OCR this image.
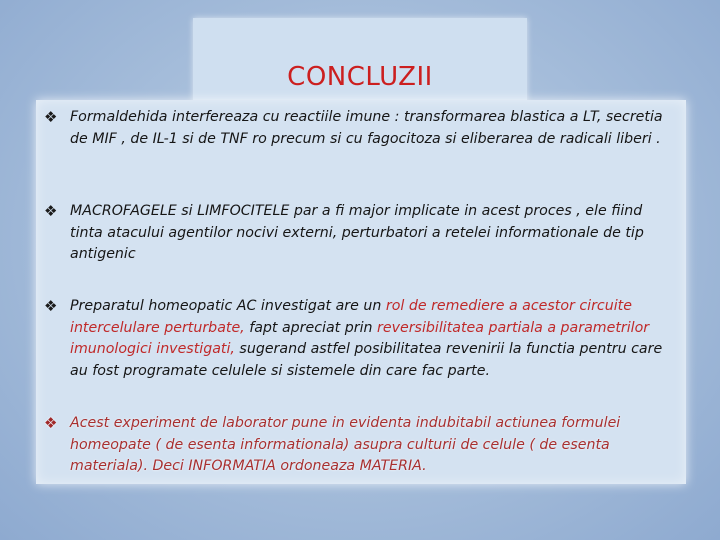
CONCLUZII
❖ Formaldehida interfereaza cu reactiile imune : transformarea blastica a LT, secretia de MIF , de IL-1 si de TNF ro precum si cu fagocitoza si eliberarea de radicali liberi .
❖ MACROFAGELE si LIMFOCITELE par a fi major implicate in acest proces , ele fiind tinta atacului agentilor nocivi externi, perturbatori a retelei informationale de tip antigenic
❖ Preparatul homeopatic AC investigat are un rol de remediere a acestor circuite intercelulare perturbate, fapt apreciat prin reversibilitatea partiala a parametrilor imunologici investigati, sugerand astfel posibilitatea revenirii la functia pentru care au fost programate celulele si sistemele din care fac parte.
❖ Acest experiment de laborator pune in evidenta indubitabil actiunea formulei homeopate ( de esenta informationala) asupra culturii de celule ( de esenta materiala). Deci INFORMATIA ordoneaza MATERIA.
